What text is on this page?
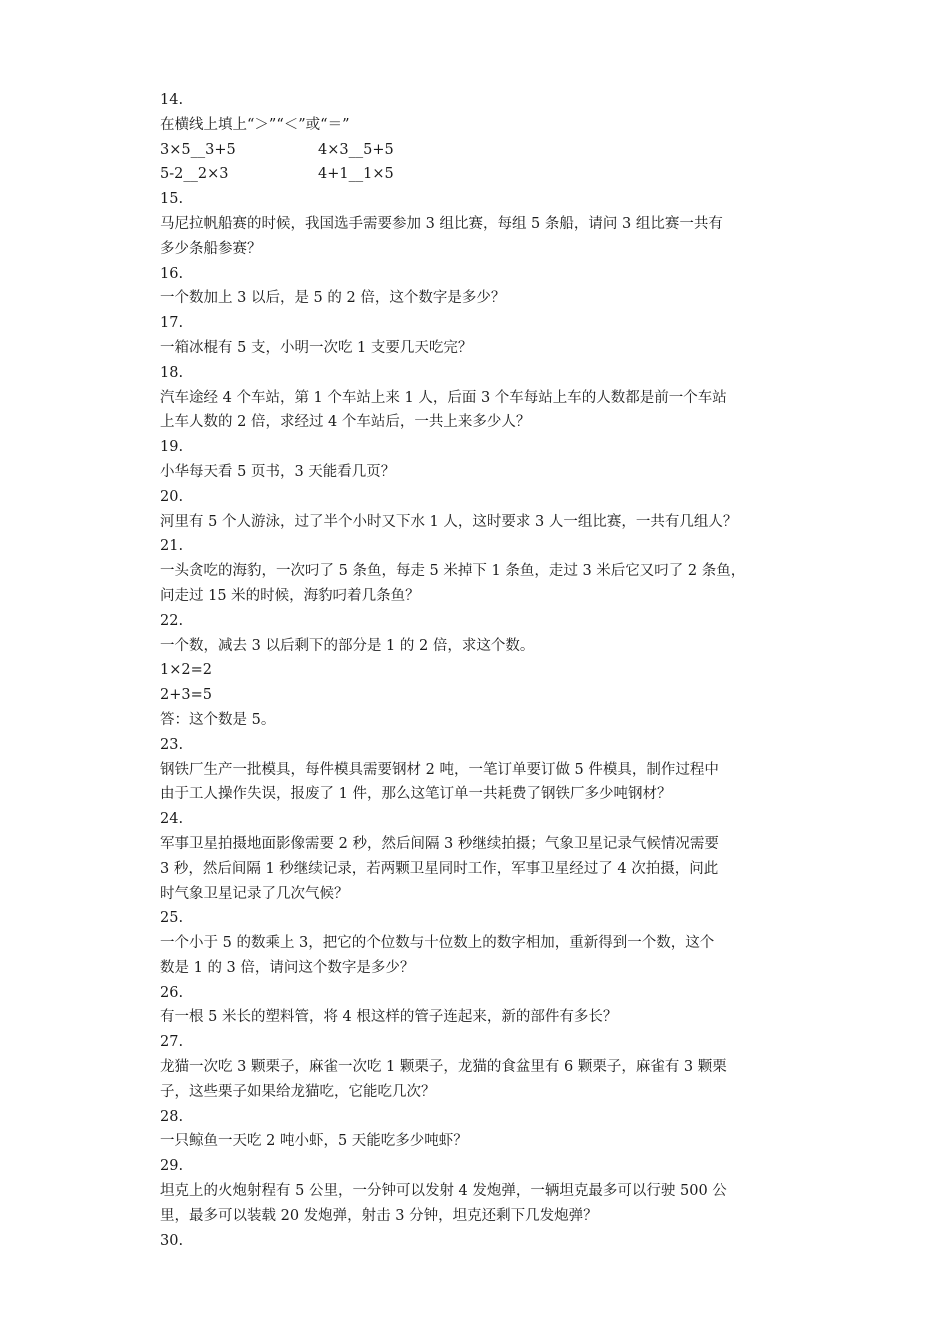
14.
在横线上填上“＞”“＜”或“＝”
3×5__3+5	4×3__5+5
5-2__2×3	4+1__1×5
15.
马尼拉帆船赛的时候，我国选手需要参加 3 组比赛，每组 5 条船，请问 3 组比赛一共有
多少条船参赛？
16.
一个数加上 3 以后，是 5 的 2 倍，这个数字是多少？
17.
一箱冰棍有 5 支，小明一次吃 1 支要几天吃完？
18.
汽车途经 4 个车站，第 1 个车站上来 1 人，后面 3 个车每站上车的人数都是前一个车站
上车人数的 2 倍，求经过 4 个车站后，一共上来多少人？
19.
小华每天看 5 页书，3 天能看几页？
20.
河里有 5 个人游泳，过了半个小时又下水 1 人，这时要求 3 人一组比赛，一共有几组人？
21.
一头贪吃的海豹，一次叼了 5 条鱼，每走 5 米掉下 1 条鱼，走过 3 米后它又叼了 2 条鱼，
问走过 15 米的时候，海豹叼着几条鱼？
22.
一个数，减去 3 以后剩下的部分是 1 的 2 倍，求这个数。
1×2=2
2+3=5
答：这个数是 5。
23.
钢铁厂生产一批模具，每件模具需要钢材 2 吨，一笔订单要订做 5 件模具，制作过程中
由于工人操作失误，报废了 1 件，那么这笔订单一共耗费了钢铁厂多少吨钢材？
24.
军事卫星拍摄地面影像需要 2 秒，然后间隔 3 秒继续拍摄；气象卫星记录气候情况需要
3 秒，然后间隔 1 秒继续记录，若两颗卫星同时工作，军事卫星经过了 4 次拍摄，问此
时气象卫星记录了几次气候？
25.
一个小于 5 的数乘上 3，把它的个位数与十位数上的数字相加，重新得到一个数，这个
数是 1 的 3 倍，请问这个数字是多少？
26.
有一根 5 米长的塑料管，将 4 根这样的管子连起来，新的部件有多长？
27.
龙猫一次吃 3 颗栗子，麻雀一次吃 1 颗栗子，龙猫的食盆里有 6 颗栗子，麻雀有 3 颗栗
子，这些栗子如果给龙猫吃，它能吃几次？
28.
一只鲸鱼一天吃 2 吨小虾，5 天能吃多少吨虾？
29.
坦克上的火炮射程有 5 公里，一分钟可以发射 4 发炮弹，一辆坦克最多可以行驶 500 公
里，最多可以装载 20 发炮弹，射击 3 分钟，坦克还剩下几发炮弹？
30.
